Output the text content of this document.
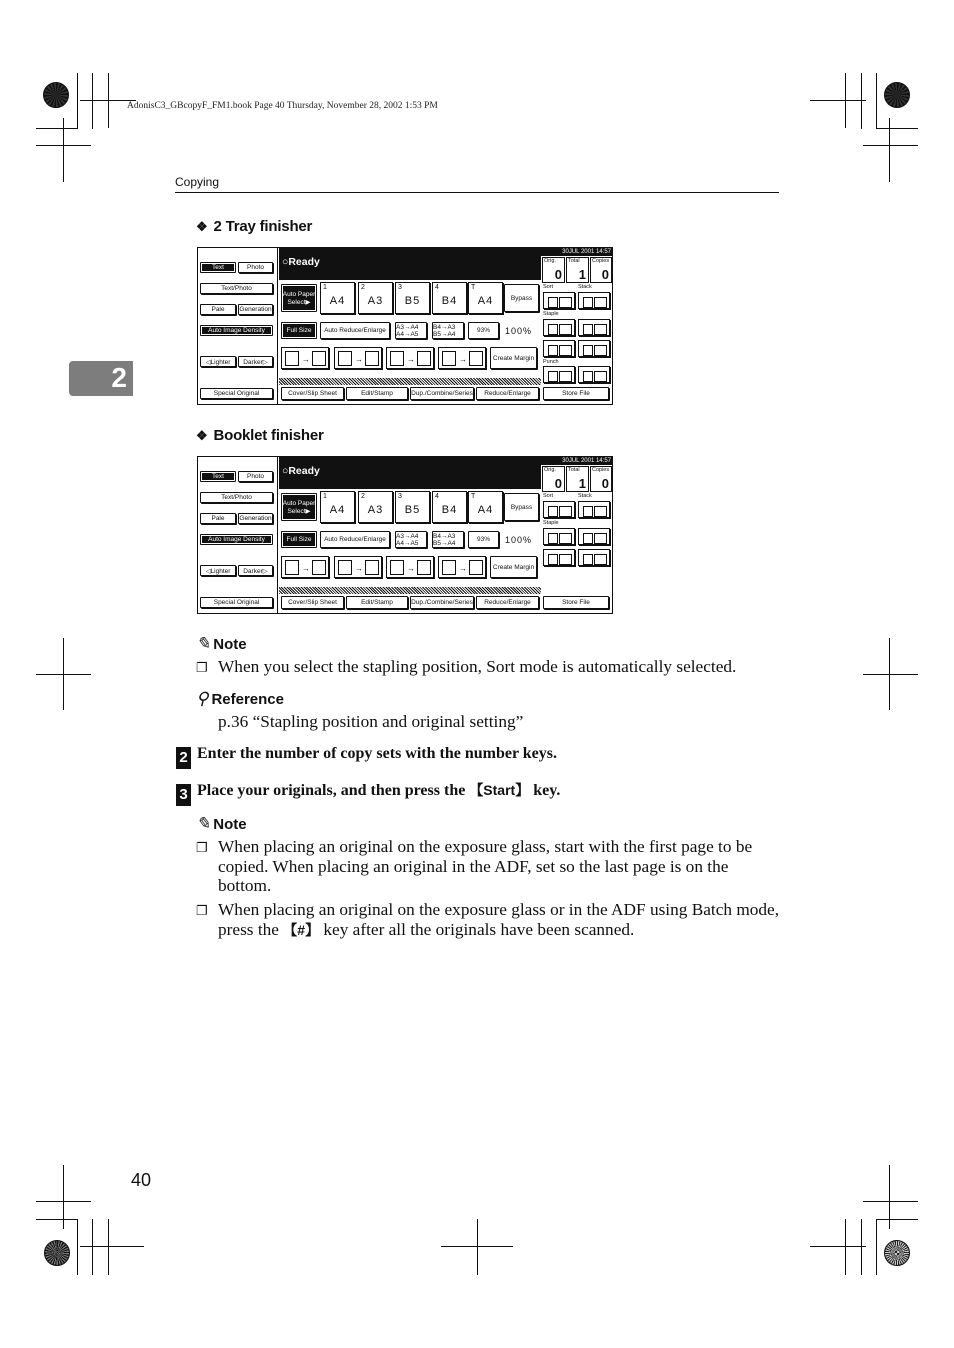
AdonisC3_GBcopyF_FM1.book Page 40 Thursday, November 28, 2002 1:53 PM
Copying
2
❖ 2 Tray finisher
Text	Photo
Text/Photo
Pale	Generation
Auto Image Density
◁Lighter	Darker▷
Special Original
○Ready
30JUL 2001 14:57
Orig.
0
Total
1
Copies
0
Auto Paper Select▶
1
A4
2
A3
3
B5
4
B4
T
A4	Bypass
Full Size	Auto Reduce/Enlarge	A3→A4 A4→A5
B4→A3 B5→A4	93%	100%
→	→	→	→	Create Margin
Cover/Slip Sheet	Edit/Stamp	Dup./Combine/Series	Reduce/Enlarge	Store File
Sort	Stack
Staple
Punch
❖ Booklet finisher
Text	Photo
Text/Photo
Pale	Generation
Auto Image Density
◁Lighter	Darker▷
Special Original
○Ready
30JUL 2001 14:57
Orig.
0
Total
1
Copies
0
Auto Paper Select▶
1
A4
2
A3
3
B5
4
B4
T
A4	Bypass
Full Size	Auto Reduce/Enlarge	A3→A4 A4→A5
B4→A3 B5→A4	93%	100%
→	→	→	→	Create Margin
Cover/Slip Sheet	Edit/Stamp	Dup./Combine/Series	Reduce/Enlarge	Store File
Sort	Stack
Staple
✎ Note
❐ When you select the stapling position, Sort mode is automatically selected.
⚲ Reference
p.36 “Stapling position and original setting”
2 Enter the number of copy sets with the number keys.
3 Place your originals, and then press the 【Start】 key.
✎ Note
❐ When placing an original on the exposure glass, start with the first page to be copied. When placing an original in the ADF, set so the last page is on the bottom.
❐ When placing an original on the exposure glass or in the ADF using Batch mode, press the 【#】 key after all the originals have been scanned.
40
